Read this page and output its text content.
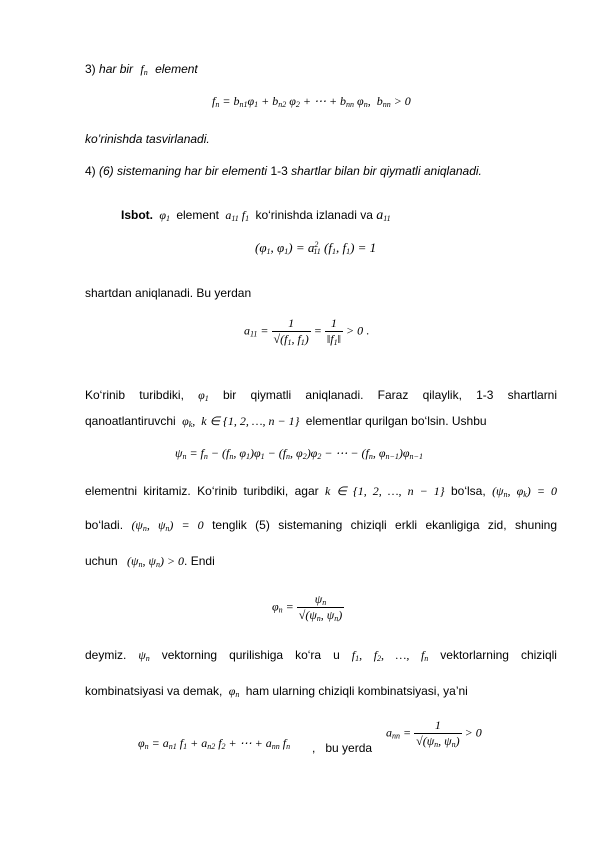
3) har bir $f_n$ element
$f_n = b_{n1}\varphi_1 + b_{n2}$ $\varphi_2$ + ⋯ + $b_{nn}$ $\varphi_n$,  $b_{nn} > 0$
ko’rinishda tasvirlanadi.
4) (6) sistemaning har bir elementi 1-3 shartlar bilan bir qiymatli aniqlanadi.
Isbot. $\varphi_1$ element $a_{11}$ $f_1$ ko‘rinishda izlanadi va $a_{11}$
($\varphi_1$, $\varphi_1) = a^2_{11}$ ($f_1$, $f_1) = 1$
shartdan aniqlanadi. Bu yerdan
$a_{11} = \frac{1}{√(f_1, f_1)} = \frac{1}{‖f_1‖} > 0$ .
Ko‘rinib turibdiki, $\varphi_1$ bir qiymatli aniqlanadi. Faraz qilaylik, 1-3 shartlarni
qanoatlantiruvchi $\varphi_k$,  k ∈ {1, 2, …, n − 1} elementlar qurilgan bo‘lsin. Ushbu
$\psi_n = f_n - (f_n$, $\varphi_1)\varphi_1 - (f_n$, $\varphi_2)\varphi_2$ − ⋯ − ($f_n$, $\varphi_{n-1})\varphi_{n-1}$
elementni kiritamiz. Ko‘rinib turibdiki, agar k ∈ {1, 2, …, n − 1} bo‘lsa, ($\psi_n$, $\varphi_k) = 0$
bo‘ladi. ($\psi_n$, $\psi_n) = 0$ tenglik (5) sistemaning chiziqli erkli ekanligiga zid, shuning
uchun ($\psi_n$, $\psi_n) > 0$. Endi
$\varphi_n = \frac{\psi_n}{√(\psi_n, \psi_n)}$
deymiz. $\psi_n$ vektorning qurilishiga ko‘ra u $f_1$, $f_2$, …, $f_n$ vektorlarning chiziqli
kombinatsiyasi va demak, $\varphi_n$ ham ularning chiziqli kombinatsiyasi, ya’ni
$\varphi_n = a_{n1}$ $f_1 + a_{n2}$ $f_2$ + ⋯ + $a_{nn}$ $f_n$ , bu yerda
$a_{nn} = \frac{1}{√(\psi_n, \psi_n)} > 0$
